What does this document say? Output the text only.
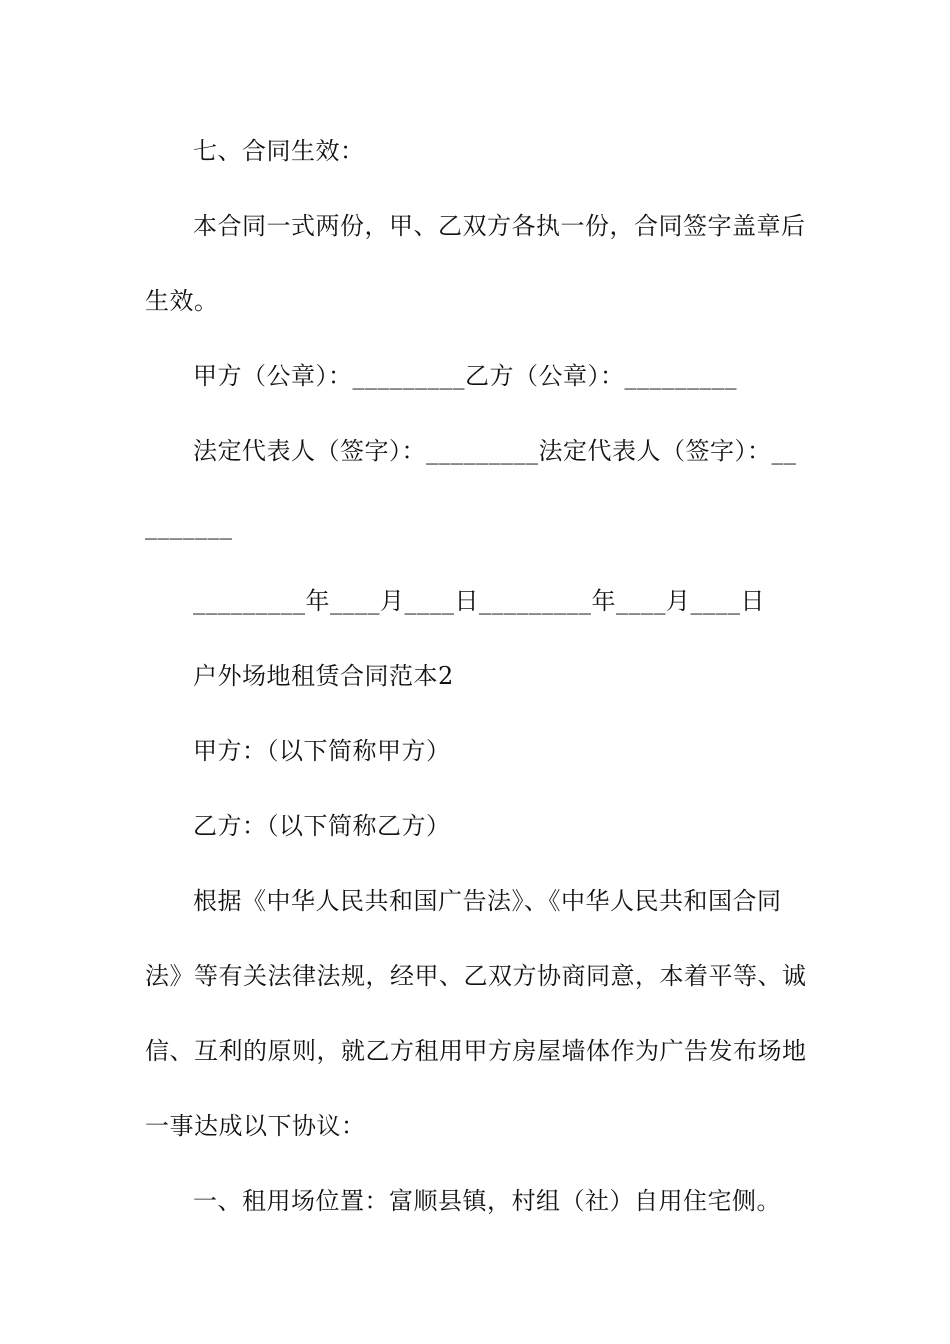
七、合同生效：
本合同一式两份，甲、乙双方各执一份，合同签字盖章后
生效。
甲方（公章）：_________乙方（公章）：_________
法定代表人（签字）：_________法定代表人（签字）：__
_______
_________年____月____日_________年____月____日
户外场地租赁合同范本2
甲方：（以下简称甲方）
乙方：（以下简称乙方）
根据《中华人民共和国广告法》、《中华人民共和国合同
法》等有关法律法规，经甲、乙双方协商同意，本着平等、诚
信、互利的原则，就乙方租用甲方房屋墙体作为广告发布场地
一事达成以下协议：
一、租用场位置：富顺县镇，村组（社）自用住宅侧。
